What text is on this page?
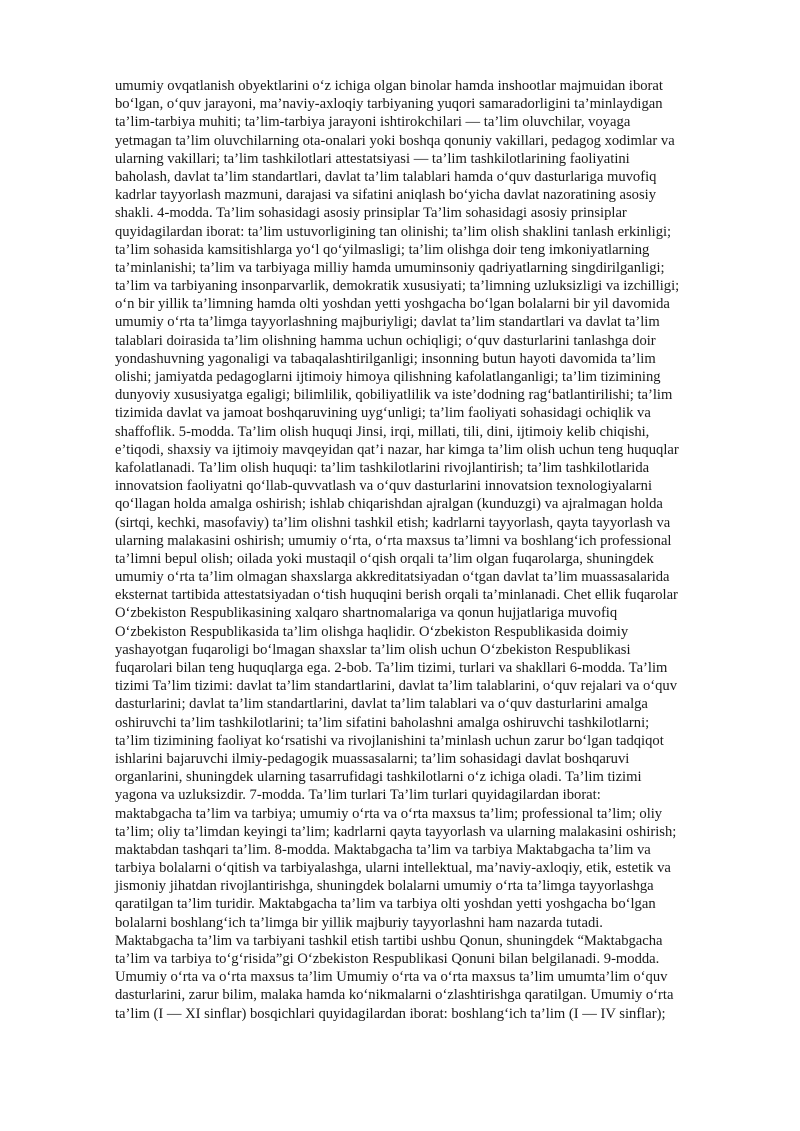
umumiy ovqatlanish obyektlarini o‘z ichiga olgan binolar hamda inshootlar majmuidan iborat
bo‘lgan, o‘quv jarayoni, ma’naviy-axloqiy tarbiyaning yuqori samaradorligini ta’minlaydigan
ta’lim-tarbiya muhiti; ta’lim-tarbiya jarayoni ishtirokchilari — ta’lim oluvchilar, voyaga
yetmagan ta’lim oluvchilarning ota-onalari yoki boshqa qonuniy vakillari, pedagog xodimlar va
ularning vakillari; ta’lim tashkilotlari attestatsiyasi — ta’lim tashkilotlarining faoliyatini
baholash, davlat ta’lim standartlari, davlat ta’lim talablari hamda o‘quv dasturlariga muvofiq
kadrlar tayyorlash mazmuni, darajasi va sifatini aniqlash bo‘yicha davlat nazoratining asosiy
shakli. 4-modda. Ta’lim sohasidagi asosiy prinsiplar Ta’lim sohasidagi asosiy prinsiplar
quyidagilardan iborat: ta’lim ustuvorligining tan olinishi; ta’lim olish shaklini tanlash erkinligi;
ta’lim sohasida kamsitishlarga yo‘l qo‘yilmasligi; ta’lim olishga doir teng imkoniyatlarning
ta’minlanishi; ta’lim va tarbiyaga milliy hamda umuminsoniy qadriyatlarning singdirilganligi;
ta’lim va tarbiyaning insonparvarlik, demokratik xususiyati; ta’limning uzluksizligi va izchilligi;
o‘n bir yillik ta’limning hamda olti yoshdan yetti yoshgacha bo‘lgan bolalarni bir yil davomida
umumiy o‘rta ta’limga tayyorlashning majburiyligi; davlat ta’lim standartlari va davlat ta’lim
talablari doirasida ta’lim olishning hamma uchun ochiqligi; o‘quv dasturlarini tanlashga doir
yondashuvning yagonaligi va tabaqalashtirilganligi; insonning butun hayoti davomida ta’lim
olishi; jamiyatda pedagoglarni ijtimoiy himoya qilishning kafolatlanganligi; ta’lim tizimining
dunyoviy xususiyatga egaligi; bilimlilik, qobiliyatlilik va iste’dodning rag‘batlantirilishi; ta’lim
tizimida davlat va jamoat boshqaruvining uyg‘unligi; ta’lim faoliyati sohasidagi ochiqlik va
shaffoflik. 5-modda. Ta’lim olish huquqi Jinsi, irqi, millati, tili, dini, ijtimoiy kelib chiqishi,
e’tiqodi, shaxsiy va ijtimoiy mavqeyidan qat’i nazar, har kimga ta’lim olish uchun teng huquqlar
kafolatlanadi. Ta’lim olish huquqi: ta’lim tashkilotlarini rivojlantirish; ta’lim tashkilotlarida
innovatsion faoliyatni qo‘llab-quvvatlash va o‘quv dasturlarini innovatsion texnologiyalarni
qo‘llagan holda amalga oshirish; ishlab chiqarishdan ajralgan (kunduzgi) va ajralmagan holda
(sirtqi, kechki, masofaviy) ta’lim olishni tashkil etish; kadrlarni tayyorlash, qayta tayyorlash va
ularning malakasini oshirish; umumiy o‘rta, o‘rta maxsus ta’limni va boshlang‘ich professional
ta’limni bepul olish; oilada yoki mustaqil o‘qish orqali ta’lim olgan fuqarolarga, shuningdek
umumiy o‘rta ta’lim olmagan shaxslarga akkreditatsiyadan o‘tgan davlat ta’lim muassasalarida
eksternat tartibida attestatsiyadan o‘tish huquqini berish orqali ta’minlanadi. Chet ellik fuqarolar
O‘zbekiston Respublikasining xalqaro shartnomalariga va qonun hujjatlariga muvofiq
O‘zbekiston Respublikasida ta’lim olishga haqlidir. O‘zbekiston Respublikasida doimiy
yashayotgan fuqaroligi bo‘lmagan shaxslar ta’lim olish uchun O‘zbekiston Respublikasi
fuqarolari bilan teng huquqlarga ega. 2-bob. Ta’lim tizimi, turlari va shakllari 6-modda. Ta’lim
tizimi Ta’lim tizimi: davlat ta’lim standartlarini, davlat ta’lim talablarini, o‘quv rejalari va o‘quv
dasturlarini; davlat ta’lim standartlarini, davlat ta’lim talablari va o‘quv dasturlarini amalga
oshiruvchi ta’lim tashkilotlarini; ta’lim sifatini baholashni amalga oshiruvchi tashkilotlarni;
ta’lim tizimining faoliyat ko‘rsatishi va rivojlanishini ta’minlash uchun zarur bo‘lgan tadqiqot
ishlarini bajaruvchi ilmiy-pedagogik muassasalarni; ta’lim sohasidagi davlat boshqaruvi
organlarini, shuningdek ularning tasarrufidagi tashkilotlarni o‘z ichiga oladi. Ta’lim tizimi
yagona va uzluksizdir. 7-modda. Ta’lim turlari Ta’lim turlari quyidagilardan iborat:
maktabgacha ta’lim va tarbiya; umumiy o‘rta va o‘rta maxsus ta’lim; professional ta’lim; oliy
ta’lim; oliy ta’limdan keyingi ta’lim; kadrlarni qayta tayyorlash va ularning malakasini oshirish;
maktabdan tashqari ta’lim. 8-modda. Maktabgacha ta’lim va tarbiya Maktabgacha ta’lim va
tarbiya bolalarni o‘qitish va tarbiyalashga, ularni intellektual, ma’naviy-axloqiy, etik, estetik va
jismoniy jihatdan rivojlantirishga, shuningdek bolalarni umumiy o‘rta ta’limga tayyorlashga
qaratilgan ta’lim turidir. Maktabgacha ta’lim va tarbiya olti yoshdan yetti yoshgacha bo‘lgan
bolalarni boshlang‘ich ta’limga bir yillik majburiy tayyorlashni ham nazarda tutadi.
Maktabgacha ta’lim va tarbiyani tashkil etish tartibi ushbu Qonun, shuningdek “Maktabgacha
ta’lim va tarbiya to‘g‘risida”gi O‘zbekiston Respublikasi Qonuni bilan belgilanadi. 9-modda.
Umumiy o‘rta va o‘rta maxsus ta’lim Umumiy o‘rta va o‘rta maxsus ta’lim umumta’lim o‘quv
dasturlarini, zarur bilim, malaka hamda ko‘nikmalarni o‘zlashtirishga qaratilgan. Umumiy o‘rta
ta’lim (I — XI sinflar) bosqichlari quyidagilardan iborat: boshlang‘ich ta’lim (I — IV sinflar);
